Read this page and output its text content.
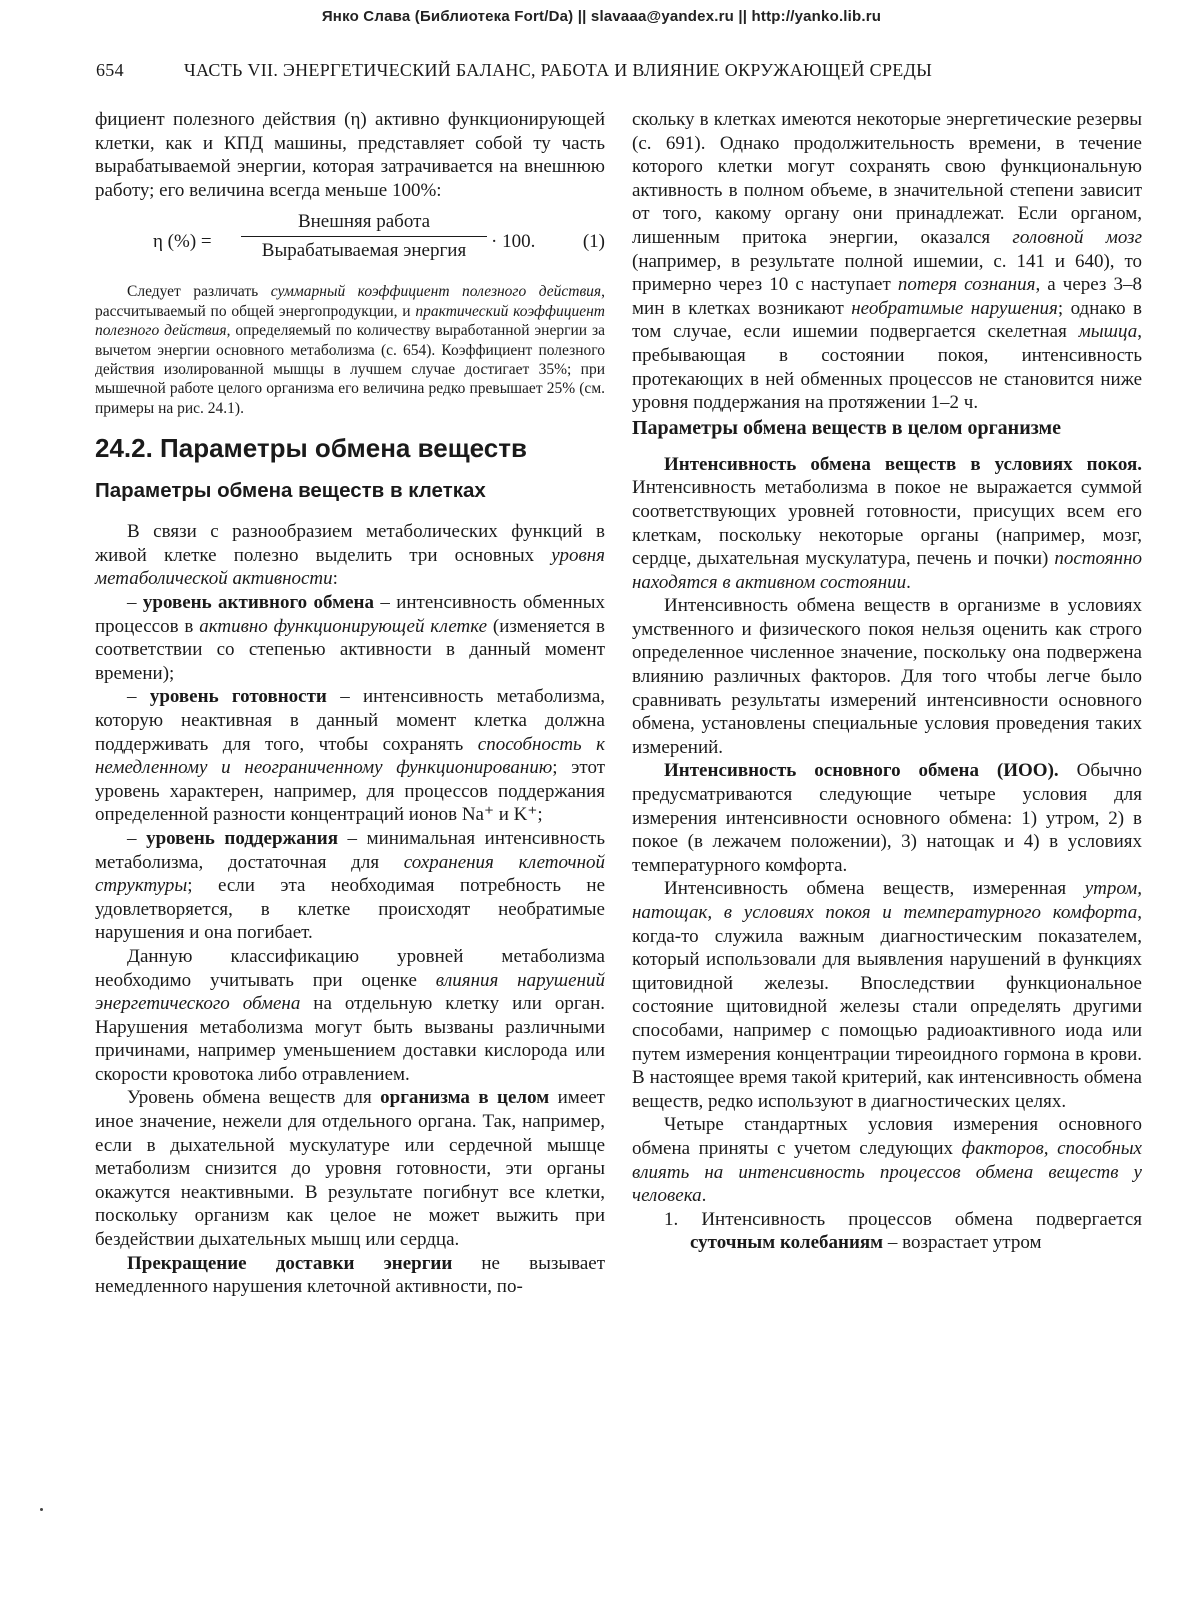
Янко Слава (Библиотека Fort/Da) || slavaaa@yandex.ru || http://yanko.lib.ru
654	ЧАСТЬ VII. ЭНЕРГЕТИЧЕСКИЙ БАЛАНС, РАБОТА И ВЛИЯНИЕ ОКРУЖАЮЩЕЙ СРЕДЫ

фициент полезного действия (η) активно функционирующей клетки, как и КПД машины, представляет собой ту часть вырабатываемой энергии, которая затрачивается на внешнюю работу; его величина всегда меньше 100%:

η (%) =
Внешняя работа
Вырабатываемая энергия	· 100.	(1)

Следует различать суммарный коэффициент полезного действия, рассчитываемый по общей энергопродукции, и практический коэффициент полезного действия, определяемый по количеству выработанной энергии за вычетом энергии основного метаболизма (с. 654). Коэффициент полезного действия изолированной мышцы в лучшем случае достигает 35%; при мышечной работе целого организма его величина редко превышает 25% (см. примеры на рис. 24.1).

24.2. Параметры обмена веществ
Параметры обмена веществ в клетках

В связи с разнообразием метаболических функций в живой клетке полезно выделить три основных уровня метаболической активности:

– уровень активного обмена – интенсивность обменных процессов в активно функционирующей клетке (изменяется в соответствии со степенью активности в данный момент времени);

– уровень готовности – интенсивность метаболизма, которую неактивная в данный момент клетка должна поддерживать для того, чтобы сохранять способность к немедленному и неограниченному функционированию; этот уровень характерен, например, для процессов поддержания определенной разности концентраций ионов Na⁺ и K⁺;

– уровень поддержания – минимальная интенсивность метаболизма, достаточная для сохранения клеточной структуры; если эта необходимая потребность не удовлетворяется, в клетке происходят необратимые нарушения и она погибает.

Данную классификацию уровней метаболизма необходимо учитывать при оценке влияния нарушений энергетического обмена на отдельную клетку или орган. Нарушения метаболизма могут быть вызваны различными причинами, например уменьшением доставки кислорода или скорости кровотока либо отравлением.

Уровень обмена веществ для организма в целом имеет иное значение, нежели для отдельного органа. Так, например, если в дыхательной мускулатуре или сердечной мышце метаболизм снизится до уровня готовности, эти органы окажутся неактивными. В результате погибнут все клетки, поскольку организм как целое не может выжить при бездействии дыхательных мышц или сердца.

Прекращение доставки энергии не вызывает немедленного нарушения клеточной активности, по-

скольку в клетках имеются некоторые энергетические резервы (с. 691). Однако продолжительность времени, в течение которого клетки могут сохранять свою функциональную активность в полном объеме, в значительной степени зависит от того, какому органу они принадлежат. Если органом, лишенным притока энергии, оказался головной мозг (например, в результате полной ишемии, с. 141 и 640), то примерно через 10 с наступает потеря сознания, а через 3–8 мин в клетках возникают необратимые нарушения; однако в том случае, если ишемии подвергается скелетная мышца, пребывающая в состоянии покоя, интенсивность протекающих в ней обменных процессов не становится ниже уровня поддержания на протяжении 1–2 ч.

Параметры обмена веществ в целом организме

Интенсивность обмена веществ в условиях покоя. Интенсивность метаболизма в покое не выражается суммой соответствующих уровней готовности, присущих всем его клеткам, поскольку некоторые органы (например, мозг, сердце, дыхательная мускулатура, печень и почки) постоянно находятся в активном состоянии.

Интенсивность обмена веществ в организме в условиях умственного и физического покоя нельзя оценить как строго определенное численное значение, поскольку она подвержена влиянию различных факторов. Для того чтобы легче было сравнивать результаты измерений интенсивности основного обмена, установлены специальные условия проведения таких измерений.

Интенсивность основного обмена (ИОО). Обычно предусматриваются следующие четыре условия для измерения интенсивности основного обмена: 1) утром, 2) в покое (в лежачем положении), 3) натощак и 4) в условиях температурного комфорта.

Интенсивность обмена веществ, измеренная утром, натощак, в условиях покоя и температурного комфорта, когда-то служила важным диагностическим показателем, который использовали для выявления нарушений в функциях щитовидной железы. Впоследствии функциональное состояние щитовидной железы стали определять другими способами, например с помощью радиоактивного иода или путем измерения концентрации тиреоидного гормона в крови. В настоящее время такой критерий, как интенсивность обмена веществ, редко используют в диагностических целях.

Четыре стандартных условия измерения основного обмена приняты с учетом следующих факторов, способных влиять на интенсивность процессов обмена веществ у человека.

1. Интенсивность процессов обмена подвергается суточным колебаниям – возрастает утром
